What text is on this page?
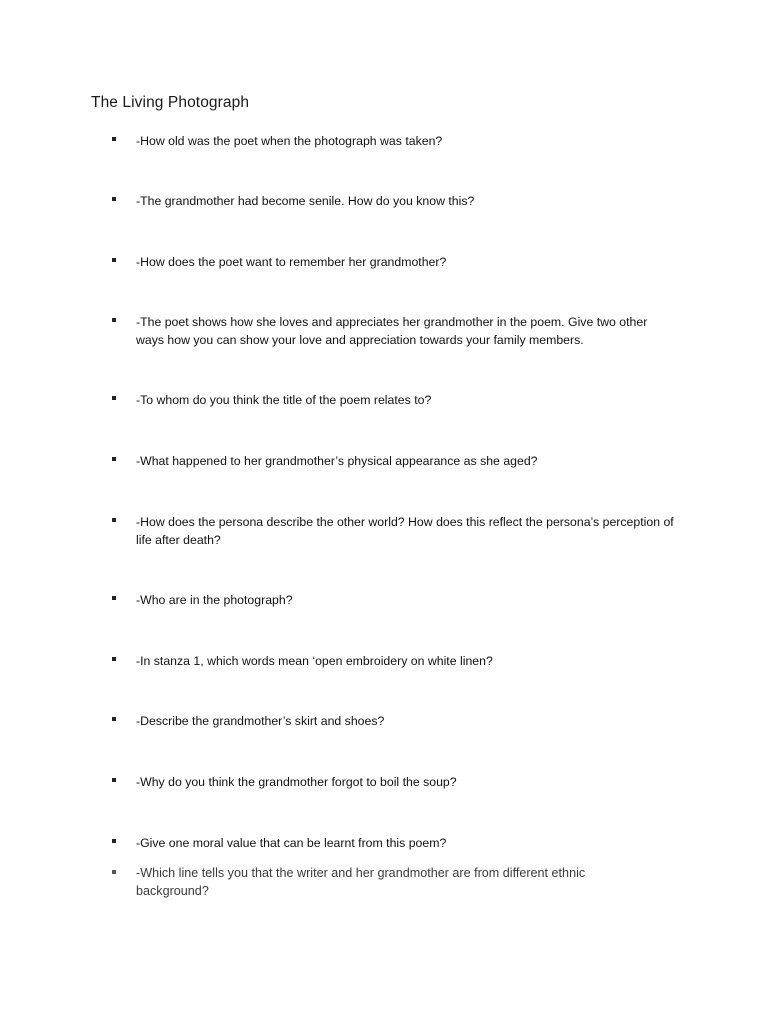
The Living Photograph
-How old was the poet when the photograph was taken?
-The grandmother had become senile. How do you know this?
-How does the poet want to remember her grandmother?
-The poet shows how she loves and appreciates her grandmother in the poem. Give two other ways how you can show your love and appreciation towards your family members.
-To whom do you think the title of the poem relates to?
-What happened to her grandmother’s physical appearance as she aged?
-How does the persona describe the other world? How does this reflect the persona’s perception of life after death?
-Who are in the photograph?
-In stanza 1, which words mean ‘open embroidery on white linen?
-Describe the grandmother’s skirt and shoes?
-Why do you think the grandmother forgot to boil the soup?
-Give one moral value that can be learnt from this poem?
-Which line tells you that the writer and her grandmother are from different ethnic background?
